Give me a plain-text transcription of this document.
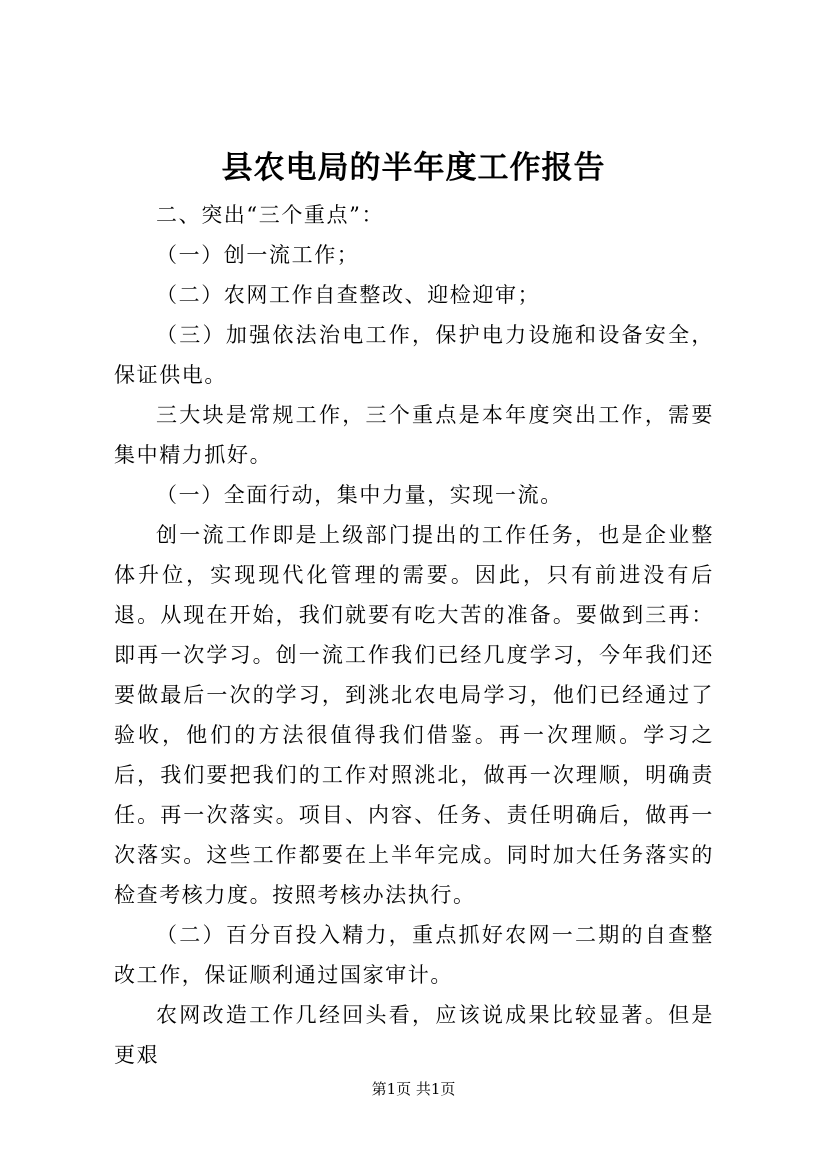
县农电局的半年度工作报告

二、突出“三个重点”：

（一）创一流工作；

（二）农网工作自查整改、迎检迎审；

（三）加强依法治电工作，保护电力设施和设备安全，保证供电。

三大块是常规工作，三个重点是本年度突出工作，需要集中精力抓好。

（一）全面行动，集中力量，实现一流。

创一流工作即是上级部门提出的工作任务，也是企业整体升位，实现现代化管理的需要。因此，只有前进没有后退。从现在开始，我们就要有吃大苦的准备。要做到三再：即再一次学习。创一流工作我们已经几度学习，今年我们还要做最后一次的学习，到洮北农电局学习，他们已经通过了验收，他们的方法很值得我们借鉴。再一次理顺。学习之后，我们要把我们的工作对照洮北，做再一次理顺，明确责任。再一次落实。项目、内容、任务、责任明确后，做再一次落实。这些工作都要在上半年完成。同时加大任务落实的检查考核力度。按照考核办法执行。

（二）百分百投入精力，重点抓好农网一二期的自查整改工作，保证顺利通过国家审计。

农网改造工作几经回头看，应该说成果比较显著。但是更艰

第1页 共1页
